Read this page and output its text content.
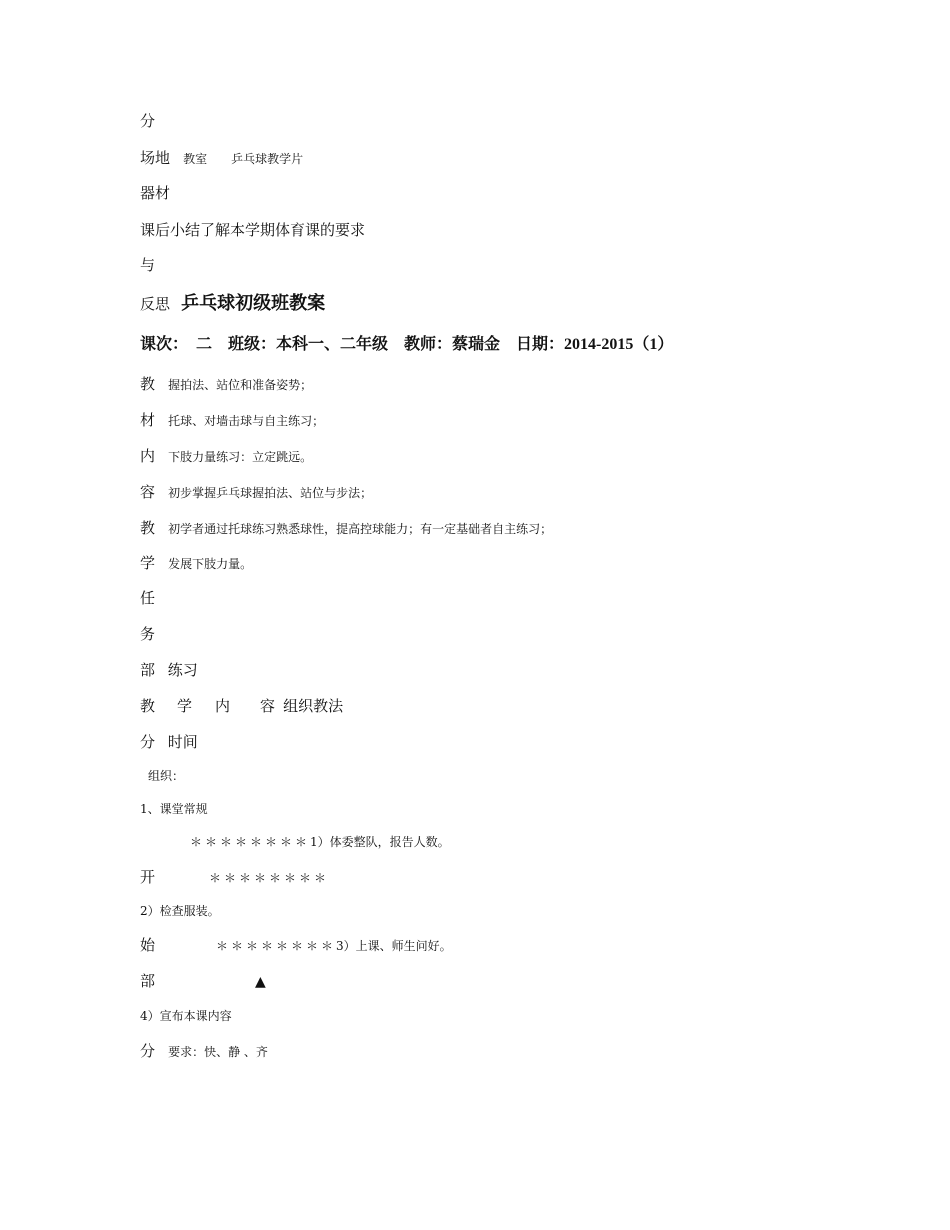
分
场地 教室　　乒乓球教学片
器材
课后小结了解本学期体育课的要求
与
反思 乒乓球初级班教案
课次：　二　班级：本科一、二年级　教师：蔡瑞金　日期：2014-2015（1）
教 握拍法、站位和准备姿势；
材 托球、对墙击球与自主练习；
内 下肢力量练习：立定跳远。
容 初步掌握乒乓球握拍法、站位与步法；
教 初学者通过托球练习熟悉球性，提高控球能力；有一定基础者自主练习；
学 发展下肢力量。
任
务
部 练习
教 学 内 容 组织教法
分 时间
组织：
1、课堂常规
＊＊＊＊＊＊＊＊1）体委整队，报告人数。
开	＊＊＊＊＊＊＊＊
2）检查服装。
始	＊＊＊＊＊＊＊＊3）上课、师生问好。
部	▲
4）宣布本课内容
分 要求：快、静 、齐
